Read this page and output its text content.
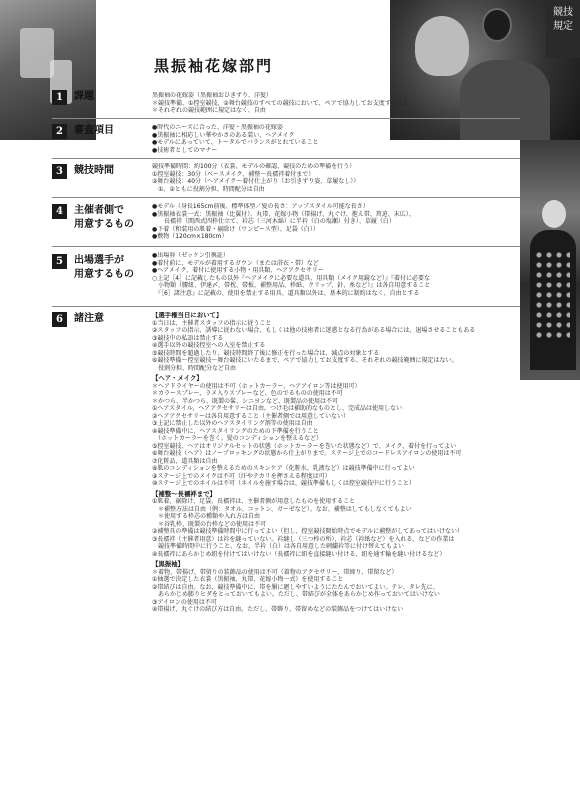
競技
規定
黒振袖花嫁部門
1	課題	黒振袖の花嫁姿（黒振袖おひきずり、洋髪）
＊競技準備、①控室競技、②舞台競技のすべての競技において、ペアで協力してお支度すること
＊それぞれの競技範囲に規定はなく、自由
2	審査項目	●時代のニーズに合った、洋髪・黒振袖の花嫁姿
●黒振袖に相応しい華やかさのある装い、ヘアメイク
●モデルにあっていて、トータルでバランスがとれていること
●技術者としてのマナー
3	競技時間	競技準備時間：約100分（衣裳、モデルの確認、競技のための準備を行う）
①控室競技：30分（ベースメイク、補整～長襦袢着付まで）
②舞台競技：40分（ヘアメイク～着付仕上がり（お引きずり姿、草履なし））
　①、②ともに役割分担、時間配分は自由
4	主催者側で
用意するもの
●モデル（身長165cm前後、標準体型／髪の長さ：アップスタイル可能な長さ）
●黒振袖衣裳一式：黒振袖（比翼付）、丸帯、花嫁小物（帯揚げ、丸ぐけ、抱え帯、筥迫、末広）、
　　長襦袢（関西式四枠仕立て、衿芯（三河木綿）に半衿（白の塩瀬）付き）、草履（白）
●下着（和装用の肌着・裾除け（ワンピース型）、足袋（白））
●敷物（120cm×180cm）
5	出場選手が
用意するもの
●出場券（ゼッケン引換証）
●着付前に、モデルが着用するガウン（または浴衣・帯）など
●ヘアメイク、着付に使用する小物・用具類、ヘアアクセサリー
○上記［4］に記載したもの以外『ヘアメイクに必要な道具、用具類（メイク用鏡など）』『着付に必要な
　小物類（腰紐、伊達〆、帯枕、帯板、補整用品、枠紙、クリップ、針、糸など）』は各自用意すること
　『［6］諸注意』に記載の、使用を禁止する用具、道具類以外は、基本的に制約はなく、自由とする
6	諸注意	【選手権当日において】
①当日は、主催者スタッフの指示に従うこと
②スタッフの指示、誘導に従わない場合、もしくは他の技術者に迷惑となる行為がある場合には、退場させることもある
③競技中の私語は禁止する
④選手以外の競技控室への入室を禁止する
⑤競技時間を超過したり、競技時間終了後に修正を行った場合は、減点の対象とする
⑥競技準備～控室競技～舞台競技にいたるまで、ペアで協力してお支度する。それぞれの競技範囲に規定はない。
　役割分担、時間配分など自由
【ヘア・メイク】
＊ヘアドライヤーの使用は不可（ホットカーラー、ヘアアイロン等は使用可）
＊カラースプレー、ラメ入りスプレーなど、色のでるものの使用は不可
＊かつら、半かつら、既製の髷、シニヨンなど、既製品の使用は不可
①ヘアスタイル、ヘアアクセサリーは自由。つけ毛は補助的なものとし、完成品は使用しない
②ヘアアクセサリーは各自用意すること（主催者側では用意していない）
③上記に禁止した以外のヘアスタイリング剤等の使用は自由
④競技準備中に、ヘアスタイリングのための下準備を行うこと
　（ホットカーラーを巻く。髪のコンディションを整えるなど）
⑤控室競技、ヘアはオリジナルセットの状態（ホットカーラーを巻いた状態など）で、メイク、着付を行ってよい
⑥舞台競技（ヘア）はノーブロッキングの状態から仕上がりまで。ステージ上でのコードレスアイロンの使用は不可
⑦化粧品、道具類は自由
⑧肌のコンディションを整えるためのスキンケア（化粧水、乳液など）は競技準備中に行ってよい
⑨ステージ上でのメイクは不可（汗やテカリを押さえる程度は可）
⑩ステージ上でのネイルは不可（ネイルを施す場合は、競技準備もしくは控室競技中に行うこと）
【補整～長襦袢まで】
①肌着、裾除け、足袋、長襦袢は、主催者側が用意したものを使用すること
　＊補整方法は自由（例：タオル、コットン、ガーゼなど）。なお、補整はしてもしなくてもよい
　＊使用する枠芯の種類や入れ方は自由
　＊谷乳枠、既製の台枠などの使用は不可
②補整具の準備は競技準備時間中に行ってよい（但し、控室競技開始時点でモデルに補整がしてあってはいけない）
③長襦袢（主催者用意）は衿を縫っていない。衿縫し（三つ枠の所）、衿芯（衿紙など）を入れる、などの作業は
　競技準備時間中に行うこと。なお、半衿（白）は各自用意した刺繍衿等に付け替えてもよい
④長襦袢にあらかじめ紐を付けてはいけない（長襦袢に紐を直接縫い付ける、紐を通す輪を縫い付けるなど）
【黒振袖】
＊着物、帯揚げ、帯留りの装飾品の使用は不可（着物のアクセサリー、帯締り、帯留など）
①抽選で決定した衣裳（黒振袖、丸帯、花嫁小物一式）を使用すること
②帯結びは自由。なお、競技準備中に、帯を胴に廻しやすいようにたたんでおいてよい。テレ、タレ先に、
　あらかじめ膨りヒダをとっておいてもよい。ただし、帯結びが全体をあらかじめ作っておいてはいけない
③アイロンの使用は不可
④帯揚げ、丸ぐけの結び方は自由。ただし、帯飾り、帯留めなどの装飾品をつけてはいけない
